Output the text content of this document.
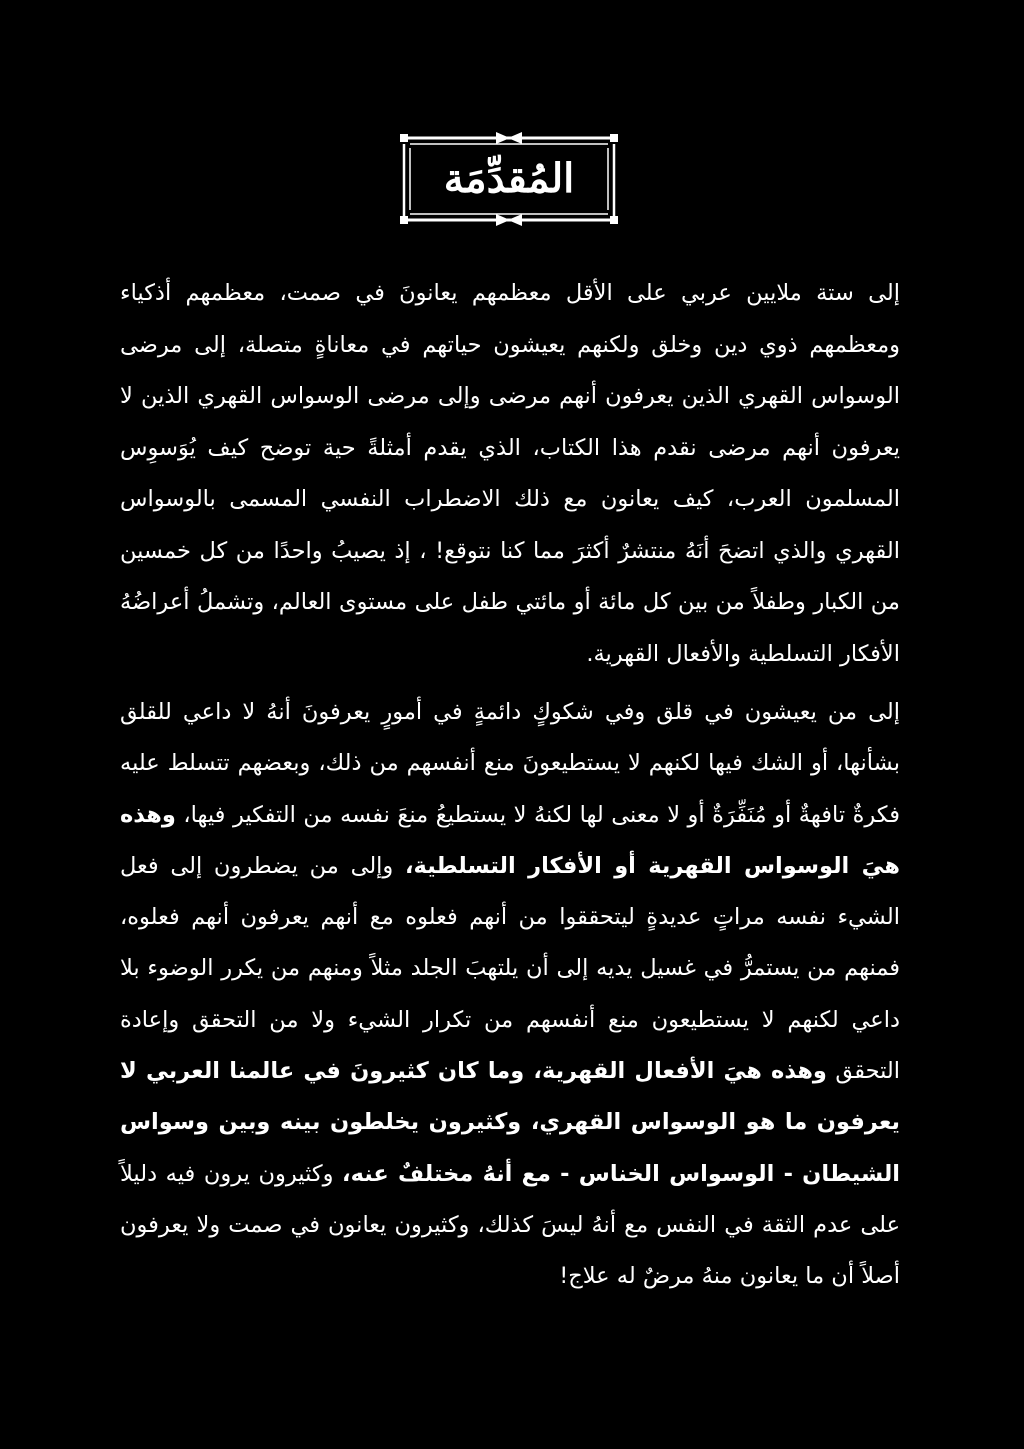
المُقدِّمَة

إلى ستة ملايين عربي على الأقل معظمهم يعانونَ في صمت، معظمهم أذكياء ومعظمهم ذوي دين وخلق ولكنهم يعيشون حياتهم في معاناةٍ متصلة، إلى مرضى الوسواس القهري الذين يعرفون أنهم مرضى وإلى مرضى الوسواس القهري الذين لا يعرفون أنهم مرضى نقدم هذا الكتاب، الذي يقدم أمثلةً حية توضح كيف يُوَسوِس المسلمون العرب، كيف يعانون مع ذلك الاضطراب النفسي المسمى بالوسواس القهري والذي اتضحَ أنَهُ منتشرٌ أكثرَ مما كنا نتوقع! ، إذ يصيبُ واحدًا من كل خمسين من الكبار وطفلاً من بين كل مائة أو مائتي طفل على مستوى العالم، وتشملُ أعراضُهُ الأفكار التسلطية والأفعال القهرية.

إلى من يعيشون في قلق وفي شكوكٍ دائمةٍ في أمورٍ يعرفونَ أنهُ لا داعي للقلق بشأنها، أو الشك فيها لكنهم لا يستطيعونَ منع أنفسهم من ذلك، وبعضهم تتسلط عليه فكرةٌ تافهةٌ أو مُنَفِّرَةٌ أو لا معنى لها لكنهُ لا يستطيعُ منعَ نفسه من التفكير فيها، وهذه هيَ الوسواس القهرية أو الأفكار التسلطية، وإلى من يضطرون إلى فعل الشيء نفسه مراتٍ عديدةٍ ليتحققوا من أنهم فعلوه مع أنهم يعرفون أنهم فعلوه، فمنهم من يستمرُّ في غسيل يديه إلى أن يلتهبَ الجلد مثلاً ومنهم من يكرر الوضوء بلا داعي لكنهم لا يستطيعون منع أنفسهم من تكرار الشيء ولا من التحقق وإعادة التحقق وهذه هيَ الأفعال القهرية، وما كان كثيرونَ في عالمنا العربي لا يعرفون ما هو الوسواس القهري، وكثيرون يخلطون بينه وبين وسواس الشيطان - الوسواس الخناس - مع أنهُ مختلفٌ عنه، وكثيرون يرون فيه دليلاً على عدم الثقة في النفس مع أنهُ ليسَ كذلك، وكثيرون يعانون في صمت ولا يعرفون أصلاً أن ما يعانون منهُ مرضٌ له علاج!
